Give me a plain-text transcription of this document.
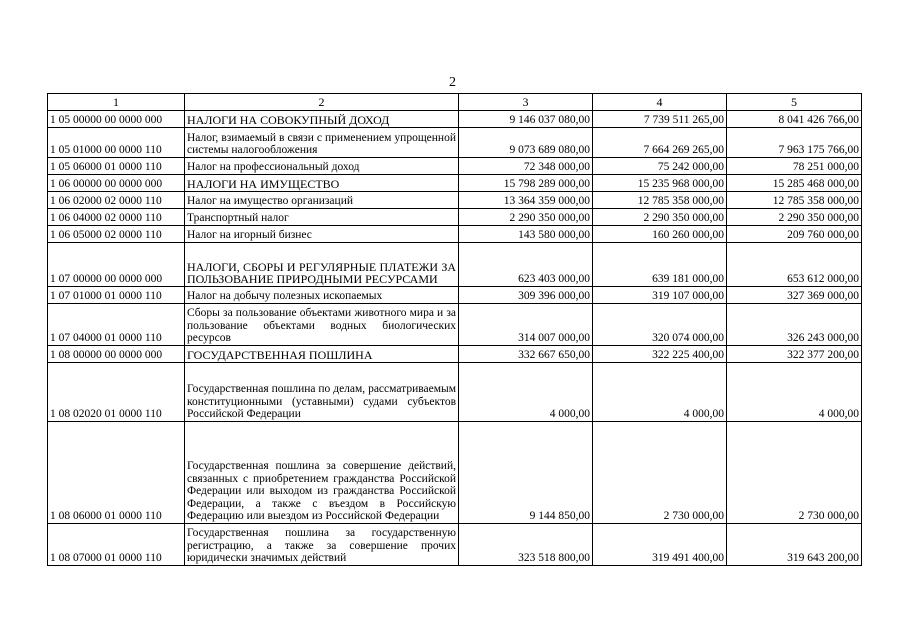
2
1	2	3	4	5
1 05 00000 00 0000 000	НАЛОГИ НА СОВОКУПНЫЙ ДОХОД	9 146 037 080,00	7 739 511 265,00	8 041 426 766,00
1 05 01000 00 0000 110	Налог, взимаемый в связи с применением упрощенной системы налогообложения	9 073 689 080,00	7 664 269 265,00	7 963 175 766,00
1 05 06000 01 0000 110	Налог на профессиональный доход	72 348 000,00	75 242 000,00	78 251 000,00
1 06 00000 00 0000 000	НАЛОГИ НА ИМУЩЕСТВО	15 798 289 000,00	15 235 968 000,00	15 285 468 000,00
1 06 02000 02 0000 110	Налог на имущество организаций	13 364 359 000,00	12 785 358 000,00	12 785 358 000,00
1 06 04000 02 0000 110	Транспортный налог	2 290 350 000,00	2 290 350 000,00	2 290 350 000,00
1 06 05000 02 0000 110	Налог на игорный бизнес	143 580 000,00	160 260 000,00	209 760 000,00
1 07 00000 00 0000 000	НАЛОГИ, СБОРЫ И РЕГУЛЯРНЫЕ ПЛАТЕЖИ ЗА ПОЛЬЗОВАНИЕ ПРИРОДНЫМИ РЕСУРСАМИ	623 403 000,00	639 181 000,00	653 612 000,00
1 07 01000 01 0000 110	Налог на добычу полезных ископаемых	309 396 000,00	319 107 000,00	327 369 000,00
1 07 04000 01 0000 110	Сборы за пользование объектами животного мира и за пользование объектами водных биологических ресурсов	314 007 000,00	320 074 000,00	326 243 000,00
1 08 00000 00 0000 000	ГОСУДАРСТВЕННАЯ ПОШЛИНА	332 667 650,00	322 225 400,00	322 377 200,00
1 08 02020 01 0000 110	Государственная пошлина по делам, рассматриваемым конституционными (уставными) судами субъектов Российской Федерации	4 000,00	4 000,00	4 000,00
1 08 06000 01 0000 110	Государственная пошлина за совершение действий, связанных с приобретением гражданства Российской Федерации или выходом из гражданства Российской Федерации, а также с въездом в Российскую Федерацию или выездом из Российской Федерации	9 144 850,00	2 730 000,00	2 730 000,00
1 08 07000 01 0000 110	Государственная пошлина за государственную регистрацию, а также за совершение прочих юридически значимых действий	323 518 800,00	319 491 400,00	319 643 200,00
